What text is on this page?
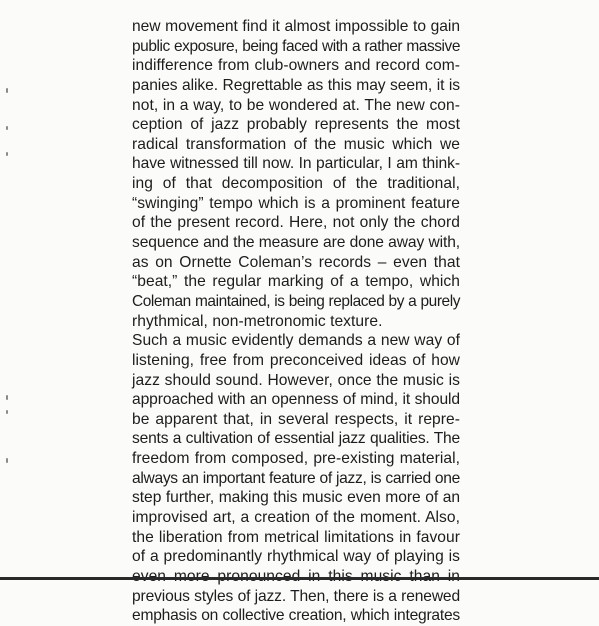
new movement find it almost impossible to gain
public exposure, being faced with a rather massive
indifference from club-owners and record com-
panies alike. Regrettable as this may seem, it is
not, in a way, to be wondered at. The new con-
ception of jazz probably represents the most
radical transformation of the music which we
have witnessed till now. In particular, I am think-
ing of that decomposition of the traditional,
“swinging” tempo which is a prominent feature
of the present record. Here, not only the chord
sequence and the measure are done away with,
as on Ornette Coleman’s records – even that
“beat,” the regular marking of a tempo, which
Coleman maintained, is being replaced by a purely
rhythmical, non-metronomic texture.
Such a music evidently demands a new way of
listening, free from preconceived ideas of how
jazz should sound. However, once the music is
approached with an openness of mind, it should
be apparent that, in several respects, it repre-
sents a cultivation of essential jazz qualities. The
freedom from composed, pre-existing material,
always an important feature of jazz, is carried one
step further, making this music even more of an
improvised art, a creation of the moment. Also,
the liberation from metrical limitations in favour
of a predominantly rhythmical way of playing is
previous styles of jazz. Then, there is a renewed
emphasis on collective creation, which integrates
